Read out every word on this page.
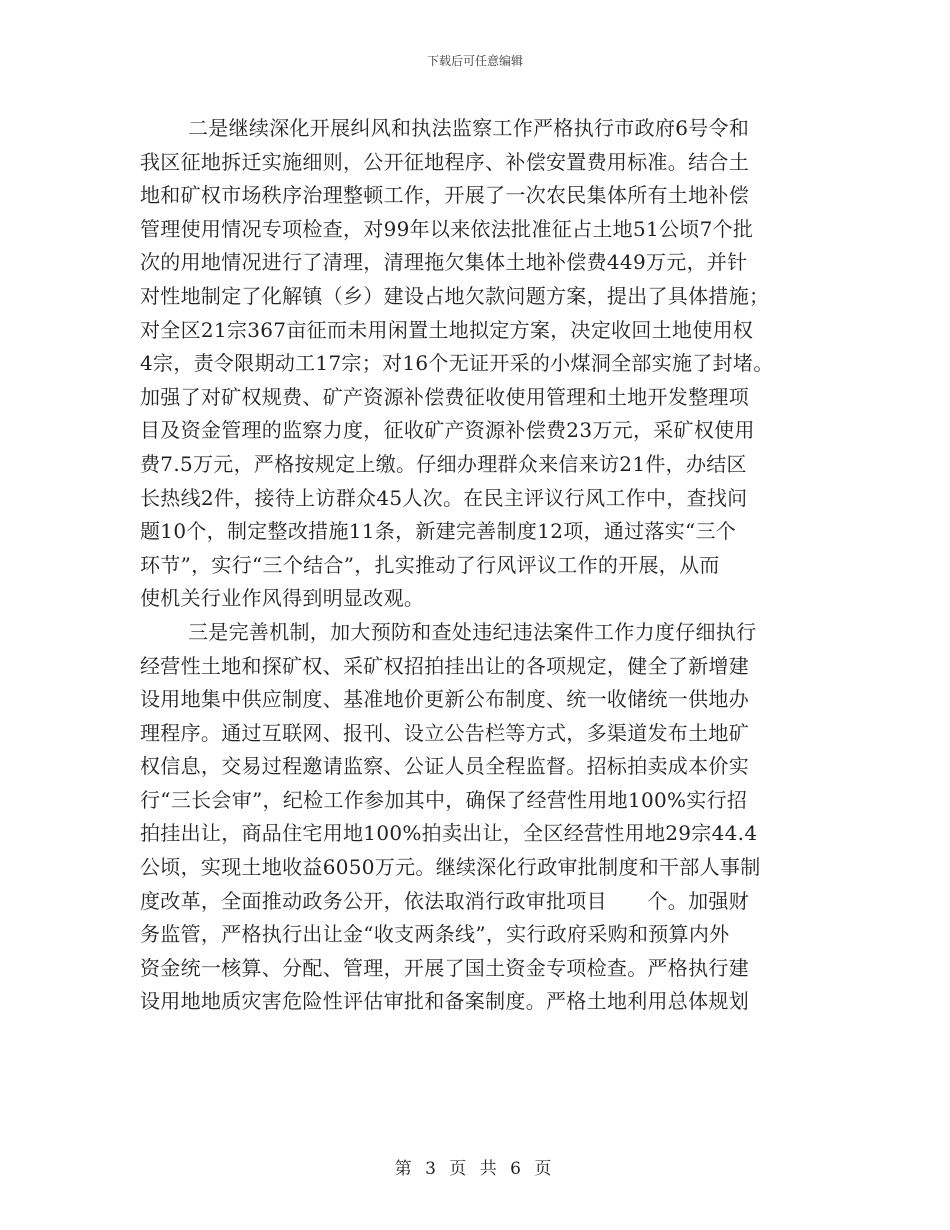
下载后可任意编辑
二是继续深化开展纠风和执法监察工作严格执行市政府6号令和
我区征地拆迁实施细则，公开征地程序、补偿安置费用标准。结合土
地和矿权市场秩序治理整顿工作，开展了一次农民集体所有土地补偿
管理使用情况专项检查，对99年以来依法批准征占土地51公顷7个批
次的用地情况进行了清理，清理拖欠集体土地补偿费449万元，并针
对性地制定了化解镇（乡）建设占地欠款问题方案，提出了具体措施；
对全区21宗367亩征而未用闲置土地拟定方案，决定收回土地使用权
4宗，责令限期动工17宗；对16个无证开采的小煤洞全部实施了封堵。
加强了对矿权规费、矿产资源补偿费征收使用管理和土地开发整理项
目及资金管理的监察力度，征收矿产资源补偿费23万元，采矿权使用
费7.5万元，严格按规定上缴。仔细办理群众来信来访21件，办结区
长热线2件，接待上访群众45人次。在民主评议行风工作中，查找问
题10个，制定整改措施11条，新建完善制度12项，通过落实“三个
环节”，实行“三个结合”，扎实推动了行风评议工作的开展，从而
使机关行业作风得到明显改观。
三是完善机制，加大预防和查处违纪违法案件工作力度仔细执行
经营性土地和探矿权、采矿权招拍挂出让的各项规定，健全了新增建
设用地集中供应制度、基准地价更新公布制度、统一收储统一供地办
理程序。通过互联网、报刊、设立公告栏等方式，多渠道发布土地矿
权信息，交易过程邀请监察、公证人员全程监督。招标拍卖成本价实
行“三长会审”，纪检工作参加其中，确保了经营性用地100%实行招
拍挂出让，商品住宅用地100%拍卖出让，全区经营性用地29宗44.4
公顷，实现土地收益6050万元。继续深化行政审批制度和干部人事制
度改革，全面推动政务公开，依法取消行政审批项目　　个。加强财
务监管，严格执行出让金“收支两条线”，实行政府采购和预算内外
资金统一核算、分配、管理，开展了国土资金专项检查。严格执行建
设用地地质灾害危险性评估审批和备案制度。严格土地利用总体规划
第 3 页 共 6 页
